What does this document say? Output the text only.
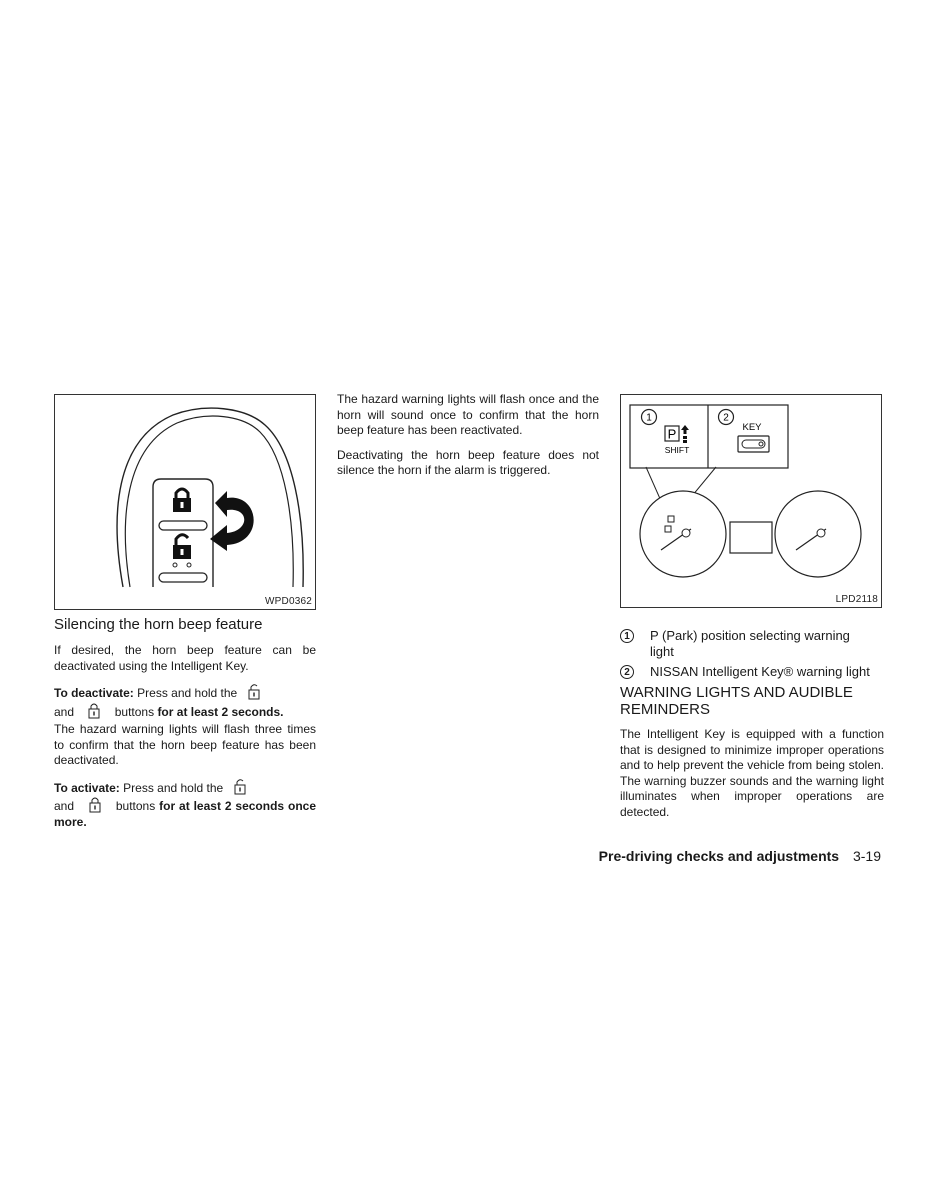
WPD0362
Silencing the horn beep feature

If desired, the horn beep feature can be deactivated using the Intelligent Key.

To deactivate: Press and hold the
and	buttons for at least 2 seconds.

The hazard warning lights will flash three times to confirm that the horn beep feature has been deactivated.

To activate: Press and hold the
and	buttons for at least 2 seconds once more.

The hazard warning lights will flash once and the horn will sound once to confirm that the horn beep feature has been reactivated.

Deactivating the horn beep feature does not silence the horn if the alarm is triggered.

1	2
P
SHIFT
KEY
LPD2118
1	P (Park) position selecting warning light
2	NISSAN Intelligent Key® warning light
WARNING LIGHTS AND AUDIBLE REMINDERS

The Intelligent Key is equipped with a function that is designed to minimize improper operations and to help prevent the vehicle from being stolen. The warning buzzer sounds and the warning light illuminates when improper operations are detected.

Pre-driving checks and adjustments 3-19
